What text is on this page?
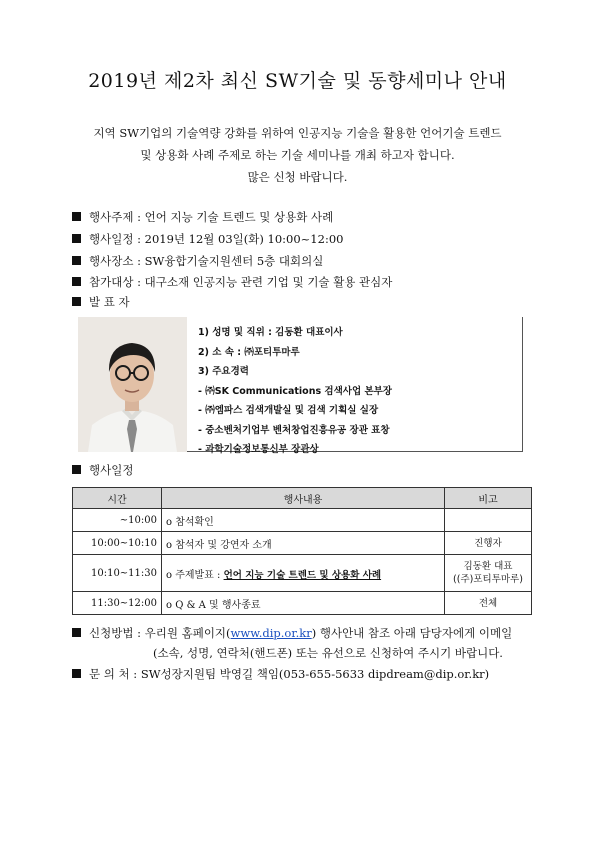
2019년 제2차 최신 SW기술 및 동향세미나 안내
지역 SW기업의 기술역량 강화를 위하여 인공지능 기술을 활용한 언어기술 트렌드
및 상용화 사례 주제로 하는 기술 세미나를 개최 하고자 합니다.
많은 신청 바랍니다.
행사주제 : 언어 지능 기술 트렌드 및 상용화 사례
행사일정 : 2019년 12월 03일(화) 10:00~12:00
행사장소 : SW융합기술지원센터 5층 대회의실
참가대상 : 대구소재 인공지능 관련 기업 및 기술 활용 관심자
발 표 자
1) 성명 및 직위 : 김동환 대표이사
2) 소 속 : ㈜포티투마루
3) 주요경력
- ㈜SK Communications 검색사업 본부장
- ㈜엠파스 검색개발실 및 검색 기획실 실장
- 중소벤처기업부 벤처창업진흥유공 장관 표창
- 과학기술정보통신부 장관상
행사일정
시간	행사내용	비고
~10:00	o 참석확인	
10:00~10:10	o 참석자 및 강연자 소개	진행자
10:10~11:30	o 주제발표 : 언어 지능 기술 트렌드 및 상용화 사례	김동환 대표
((주)포티투마루)

11:30~12:00	o Q & A 및 행사종료	전체
신청방법 : 우리원 홈페이지(www.dip.or.kr) 행사안내 참조 아래 담당자에게 이메일
(소속, 성명, 연락처(핸드폰) 또는 유선으로 신청하여 주시기 바랍니다.
문 의 처 : SW성장지원팀 박영길 책임(053-655-5633 dipdream@dip.or.kr)
